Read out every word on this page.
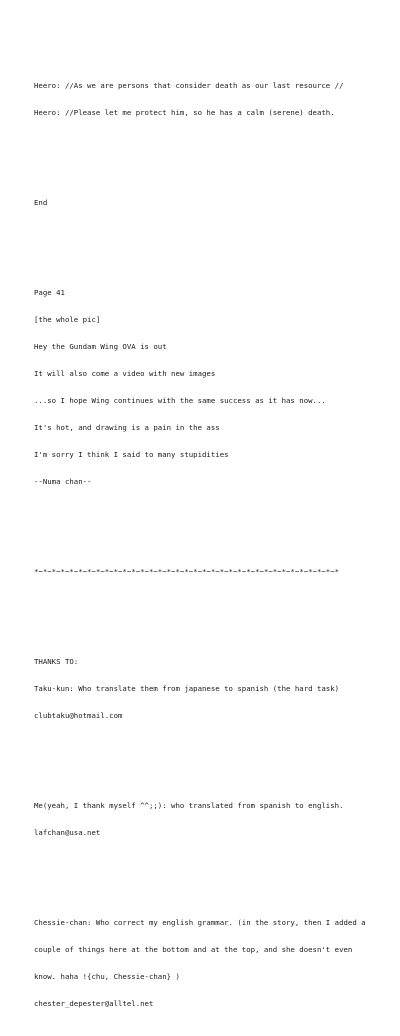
Heero: //As we are persons that consider death as our last resource //

Heero: //Please let me protect him, so he has a calm (serene) death.

End

Page 41

[the whole pic]

Hey the Gundam Wing OVA is out

It will also come a video with new images

...so I hope Wing continues with the same success as it has now...

It's hot, and drawing is a pain in the ass

I'm sorry I think I said to many stupidities

--Numa chan--

*~*~*~*~*~*~*~*~*~*~*~*~*~*~*~*~*~*~*~*~*~*~*~*~*~*~*~*~*~*~*~*~*~*~*

THANKS TO:

Taku-kun: Who translate them from japanese to spanish (the hard task)

clubtaku@hotmail.com

Me(yeah, I thank myself ^^;;): who translated from spanish to english.

lafchan@usa.net

Chessie-chan: Who correct my english grammar. (in the story, then I added a

couple of things here at the bottom and at the top, and she doesn't even

know. haha !{chu, Chessie-chan} )

chester_depester@alltel.net
